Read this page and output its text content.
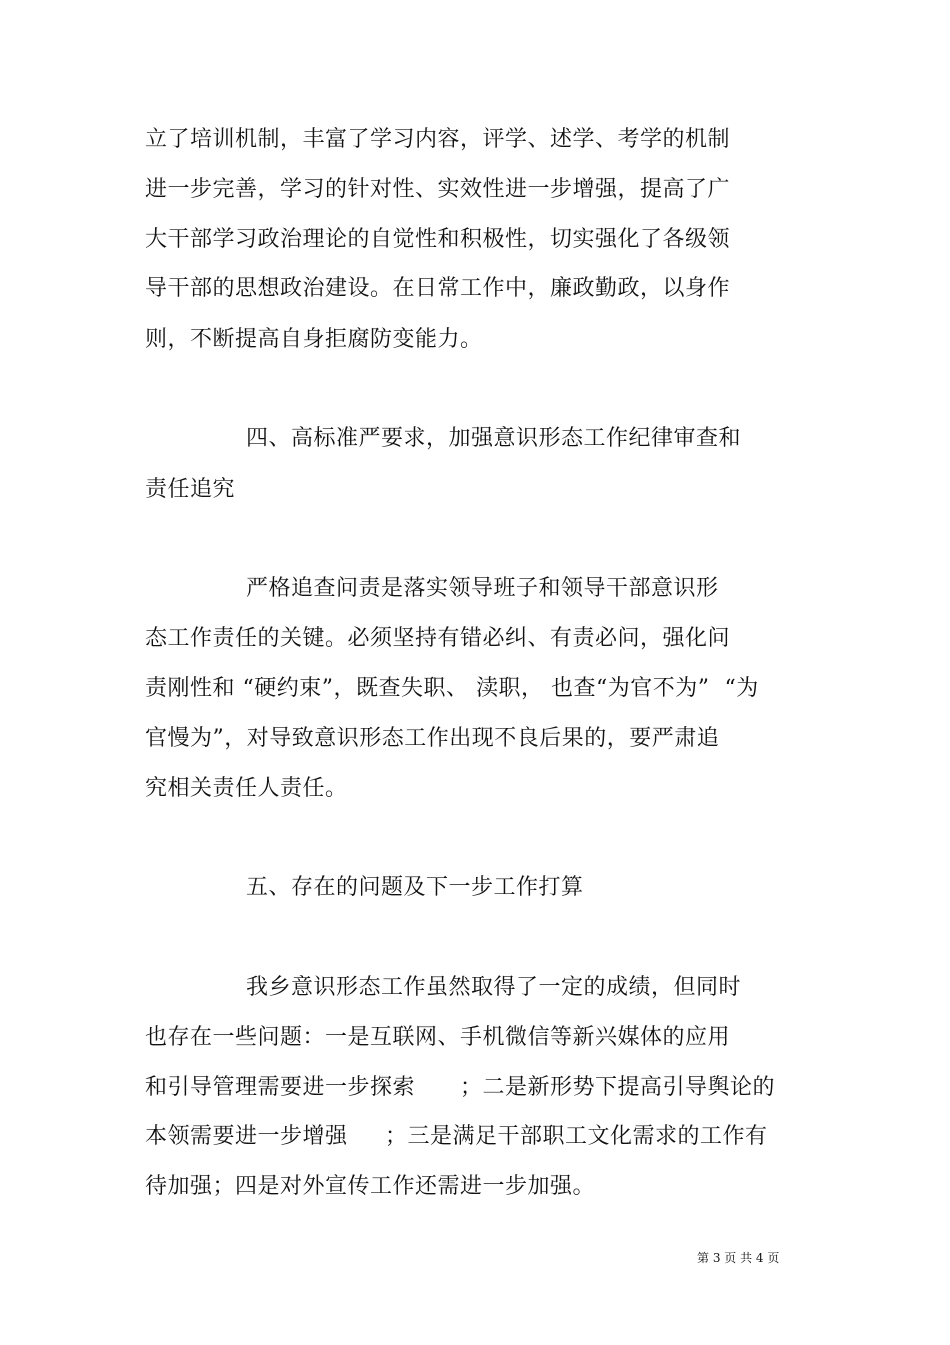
立了培训机制，丰富了学习内容，评学、述学、考学的机制
进一步完善，学习的针对性、实效性进一步增强，提高了广
大干部学习政治理论的自觉性和积极性，切实强化了各级领
导干部的思想政治建设。在日常工作中，廉政勤政，以身作
则，不断提高自身拒腐防变能力。
四、高标准严要求，加强意识形态工作纪律审查和
责任追究
严格追查问责是落实领导班子和领导干部意识形
态工作责任的关键。必须坚持有错必纠、有责必问，强化问
责刚性和 “硬约束”，既查失职、 渎职， 也查“为官不为”  “为
官慢为”，对导致意识形态工作出现不良后果的，要严肃追
究相关责任人责任。
五、存在的问题及下一步工作打算
我乡意识形态工作虽然取得了一定的成绩，但同时
也存在一些问题：一是互联网、手机微信等新兴媒体的应用
和引导管理需要进一步探索      ；二是新形势下提高引导舆论的
本领需要进一步增强     ；三是满足干部职工文化需求的工作有
待加强；四是对外宣传工作还需进一步加强。
第 3 页 共 4 页
